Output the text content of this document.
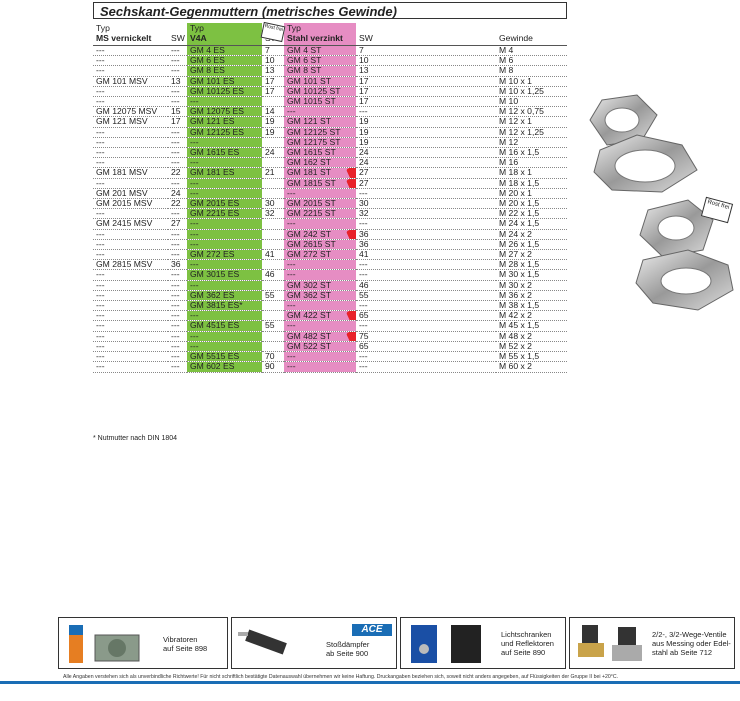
Sechskant-Gegenmuttern (metrisches Gewinde)
Typ		Typ		Typ		
MS vernickelt	SW	V4A		Stahl verzinkt	SW	Gewinde
---	---	GM 4 ES	7	GM 4 ST	7	M 4
---	---	GM 6 ES	10	GM 6 ST	10	M 6
---	---	GM 8 ES	13	GM 8 ST	13	M 8
GM 101 MSV	13	GM 101 ES	17	GM 101 ST	17	M 10 x 1
---	---	GM 10125 ES	17	GM 10125 ST	17	M 10 x 1,25
---	---	---		GM 1015 ST	17	M 10
GM 12075 MSV	15	GM 12075 ES	14	---	---	M 12 x 0,75
GM 121 MSV	17	GM 121 ES	19	GM 121 ST	19	M 12 x 1
---	---	GM 12125 ES	19	GM 12125 ST	19	M 12 x 1,25
---	---	---		GM 12175 ST	19	M 12
---	---	GM 1615 ES	24	GM 1615 ST	24	M 16 x 1,5
---	---	---		GM 162 ST	24	M 16
GM 181 MSV	22	GM 181 ES	21	GM 181 ST	27	M 18 x 1
---	---	---		GM 1815 ST	27	M 18 x 1,5
GM 201 MSV	24	---		---	---	M 20 x 1
GM 2015 MSV	22	GM 2015 ES	30	GM 2015 ST	30	M 20 x 1,5
---	---	GM 2215 ES	32	GM 2215 ST	32	M 22 x 1,5
GM 2415 MSV	27	---		---	---	M 24 x 1,5
---	---	---		GM 242 ST	36	M 24 x 2
---	---	---		GM 2615 ST	36	M 26 x 1,5
---	---	GM 272 ES	41	GM 272 ST	41	M 27 x 2
GM 2815 MSV	36	---		---	---	M 28 x 1,5
---	---	GM 3015 ES	46	---	---	M 30 x 1,5
---	---	---		GM 302 ST	46	M 30 x 2
---	---	GM 362 ES	55	GM 362 ST	55	M 36 x 2
---	---	GM 3815 ES*		---	---	M 38 x 1,5
---	---	---		GM 422 ST	65	M 42 x 2
---	---	GM 4515 ES	55	---	---	M 45 x 1,5
---	---	---		GM 482 ST	75	M 48 x 2
---	---	---		GM 522 ST	65	M 52 x 2
---	---	GM 5515 ES	70	---	---	M 55 x 1,5
---	---	GM 602 ES	90	---	---	M 60 x 2
Rost frei
* Nutmutter nach DIN 1804
Rost frei
Vibratoren
auf Seite 898
ACE
Stoßdämpfer
ab Seite 900
Lichtschranken
und Reflektoren
auf Seite 890
2/2-, 3/2-Wege-Ventile
aus Messing oder Edel-
stahl ab Seite 712
Alle Angaben verstehen sich als unverbindliche Richtwerte! Für nicht schriftlich bestätigte Datenauswahl übernehmen wir keine Haftung. Druckangaben beziehen sich, soweit nicht anders angegeben, auf Flüssigkeiten der Gruppe II bei +20°C.
